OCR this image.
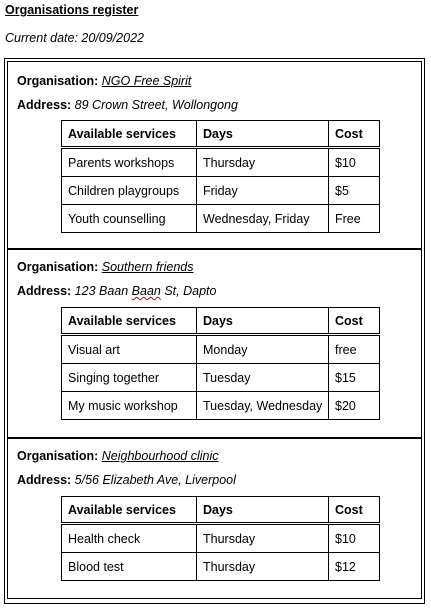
Organisations register
Current date: 20/09/2022
Organisation: NGO Free Spirit
Address: 89 Crown Street, Wollongong
Available services	Days	Cost
Parents workshops	Thursday	$10
Children playgroups	Friday	$5
Youth counselling	Wednesday, Friday	Free
Organisation: Southern friends
Address: 123 Baan Baan St, Dapto
Available services	Days	Cost
Visual art	Monday	free
Singing together	Tuesday	$15
My music workshop	Tuesday, Wednesday	$20
Organisation: Neighbourhood clinic
Address: 5/56 Elizabeth Ave, Liverpool
Available services	Days	Cost
Health check	Thursday	$10
Blood test	Thursday	$12
